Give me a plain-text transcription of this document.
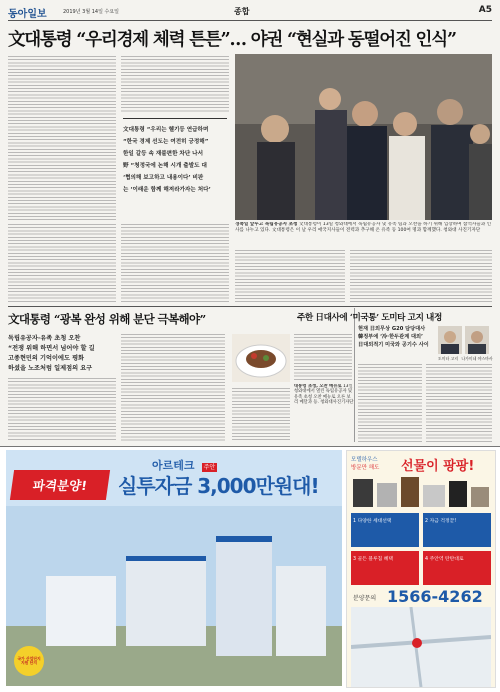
동아일보	2019년 3월 14일 수요일	종합	A5
文대통령 “우리경제 체력 튼튼”… 야권 “현실과 동떨어진 인식”
文대통령 “우리는 헬기등 연급하며
“한국 경제 선도는 여전히 긍정해”
한일 갈등 속 재불편한 차단 나서
野 “청정국에 논해 시개 출발도 대
‘협의해 보고하고 내용이다’ 비판
는 ‘이래운 함께 해져라가자는 처다’
경축일 앞두고 독립유공자 초청 文대통령이 13일 청와대에서 독립유공자 및 유족 팀과 오찬을 하기 위해 입장하며 참석자들과 인사를 나누고 있다. 文대통령은 이 날 우리 애국지사들이 전력과 추구해 온 유족 등 100여 명과 함께했다. 청와대 사진기자단
文대통령 “광복 완성 위해 분단 극복해야”
독립유공자·유족 초청 오찬
“전쟁 위해 하면서 넘어야 할 길
고종현민의 기억이에도 평화
하셨을 노조처럼 일제점의 요구
대통령 초청, 오찬 메뉴로 13일 청와대에서 열린 독립유공자 및 유족 초청 오찬 메뉴로 오른 보리 메달과 등. 청와대사진기자단
주한 日대사에 ‘미국통’ 도미타 고지 내정
현재 日외무상 G20 담당대사
韓정부에 ‘冷·한두관계 대외’
日대외적기 미국와 공기수 사이
도미타 고지 나가미네 야스마사
아르테크 주안
파격분양! 실투자금 3,000만원대!
국가 산업단지 지원 단지
모델하우스
방문만 해도 선물이 팡팡!
1 다양한 세대선택	2 자금 걱정끝!
3 골든 블루칩 혜택	4 주안역 탄탄대로
분양문의 1566-4262
